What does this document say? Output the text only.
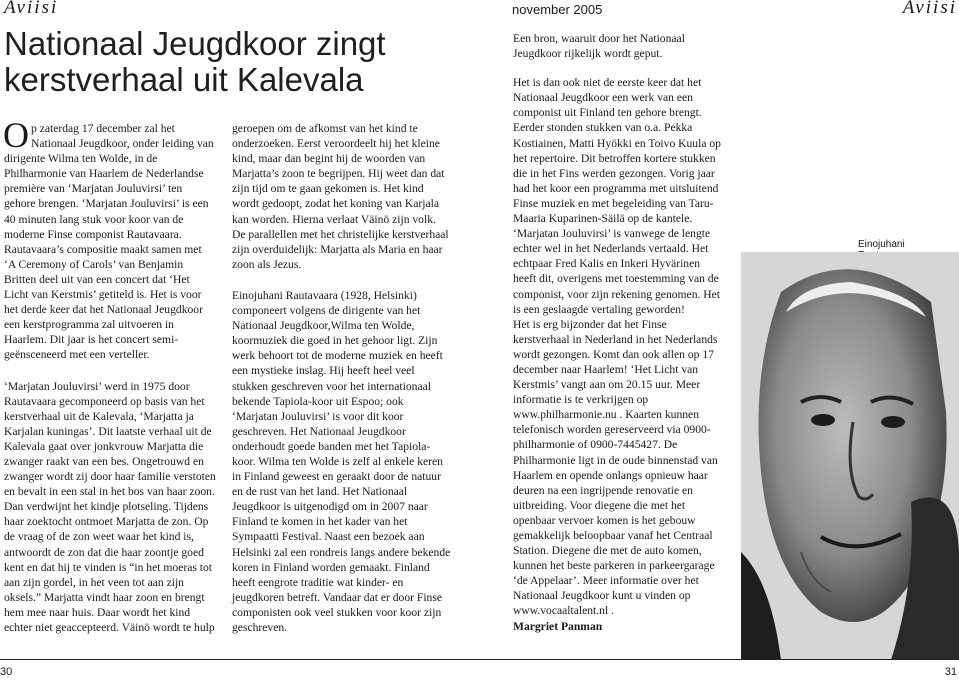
Aviisi	november 2005	Aviisi
Nationaal Jeugdkoor zingt
kerstverhaal uit Kalevala

Op zaterdag 17 december zal het Nationaal Jeugdkoor, onder leiding van dirigente Wilma ten Wolde, in de Philharmonie van Haarlem de Nederlandse première van ‘Marjatan Jouluvirsi’ ten gehore brengen. ‘Marjatan Jouluvirsi’ is een 40 minuten lang stuk voor koor van de moderne Finse componist Rautavaara. Rautavaara’s compositie maakt samen met ‘A Ceremony of Carols’ van Benjamin Britten deel uit van een concert dat ‘Het Licht van Kerstmis’ getiteld is. Het is voor het derde keer dat het Nationaal Jeugdkoor een kerstprogramma zal uitvoeren in Haarlem. Dit jaar is het concert semi-geënsceneerd met een verteller.

‘Marjatan Jouluvirsi’ werd in 1975 door Rautavaara gecomponeerd op basis van het kerstverhaal uit de Kalevala, ‘Marjatta ja Karjalan kuningas’. Dit laatste verhaal uit de Kalevala gaat over jonkvrouw Marjatta die zwanger raakt van een bes. Ongetrouwd en zwanger wordt zij door haar familie verstoten en bevalt in een stal in het bos van haar zoon. Dan verdwijnt het kindje plotseling. Tijdens haar zoektocht ontmoet Marjatta de zon. Op de vraag of de zon weet waar het kind is, antwoordt de zon dat die haar zoontje goed kent en dat hij te vinden is “in het moeras tot aan zijn gordel, in het veen tot aan zijn oksels.” Marjatta vindt haar zoon en brengt hem mee naar huis. Daar wordt het kind echter niet geaccepteerd. Väinö wordt te hulp

geroepen om de afkomst van het kind te onderzoeken. Eerst veroordeelt hij het kleine kind, maar dan begint hij de woorden van Marjatta’s zoon te begrijpen. Hij weet dan dat zijn tijd om te gaan gekomen is. Het kind wordt gedoopt, zodat het koning van Karjala kan worden. Hierna verlaat Väinö zijn volk. De parallellen met het christelijke kerstverhaal zijn overduidelijk: Marjatta als Maria en haar zoon als Jezus.

Einojuhani Rautavaara (1928, Helsinki) componeert volgens de dirigente van het Nationaal Jeugdkoor,Wilma ten Wolde, koormuziek die goed in het gehoor ligt. Zijn werk behoort tot de moderne muziek en heeft een mystieke inslag. Hij heeft heel veel stukken geschreven voor het internationaal bekende Tapiola-koor uit Espoo; ook ‘Marjatan Jouluvirsi’ is voor dit koor geschreven. Het Nationaal Jeugdkoor onderhoudt goede banden met het Tapiola-koor. Wilma ten Wolde is zelf al enkele keren in Finland geweest en geraakt door de natuur en de rust van het land. Het Nationaal Jeugdkoor is uitgenodigd om in 2007 naar Finland te komen in het kader van het Sympaatti Festival. Naast een bezoek aan Helsinki zal een rondreis langs andere bekende koren in Finland worden gemaakt. Finland heeft eengrote traditie wat kinder- en jeugdkoren betreft. Vandaar dat er door Finse componisten ook veel stukken voor koor zijn geschreven.

Een bron, waaruit door het Nationaal Jeugdkoor rijkelijk wordt geput.

Het is dan ook niet de eerste keer dat het Nationaal Jeugdkoor een werk van een componist uit Finland ten gehore brengt. Eerder stonden stukken van o.a. Pekka Kostiainen, Matti Hyökki en Toivo Kuula op het repertoire. Dit betroffen kortere stukken die in het Fins werden gezongen. Vorig jaar had het koor een programma met uitsluitend Finse muziek en met begeleiding van Taru-Maaria Kuparinen-Säilä op de kantele. ‘Marjatan Jouluvirsi’ is vanwege de lengte echter wel in het Nederlands vertaald. Het echtpaar Fred Kalis en Inkeri Hyvärinen heeft dit, overigens met toestemming van de componist, voor zijn rekening genomen. Het is een geslaagde vertaling geworden!

Het is erg bijzonder dat het Finse kerstverhaal in Nederland in het Nederlands wordt gezongen. Komt dan ook allen op 17 december naar Haarlem! ‘Het Licht van Kerstmis’ vangt aan om 20.15 uur. Meer informatie is te verkrijgen op www.philharmonie.nu . Kaarten kunnen telefonisch worden gereserveerd via 0900-philharmonie of 0900-7445427. De Philharmonie ligt in de oude binnenstad van Haarlem en opende onlangs opnieuw haar deuren na een ingrijpende renovatie en uitbreiding. Voor diegene die met het openbaar vervoer komen is het gebouw gemakkelijk beloopbaar vanaf het Centraal Station. Diegene die met de auto komen, kunnen het beste parkeren in parkeergarage ‘de Appelaar’. Meer informatie over het Nationaal Jeugdkoor kunt u vinden op www.vocaaltalent.nl .

Margriet Panman

Einojuhani
30	31
